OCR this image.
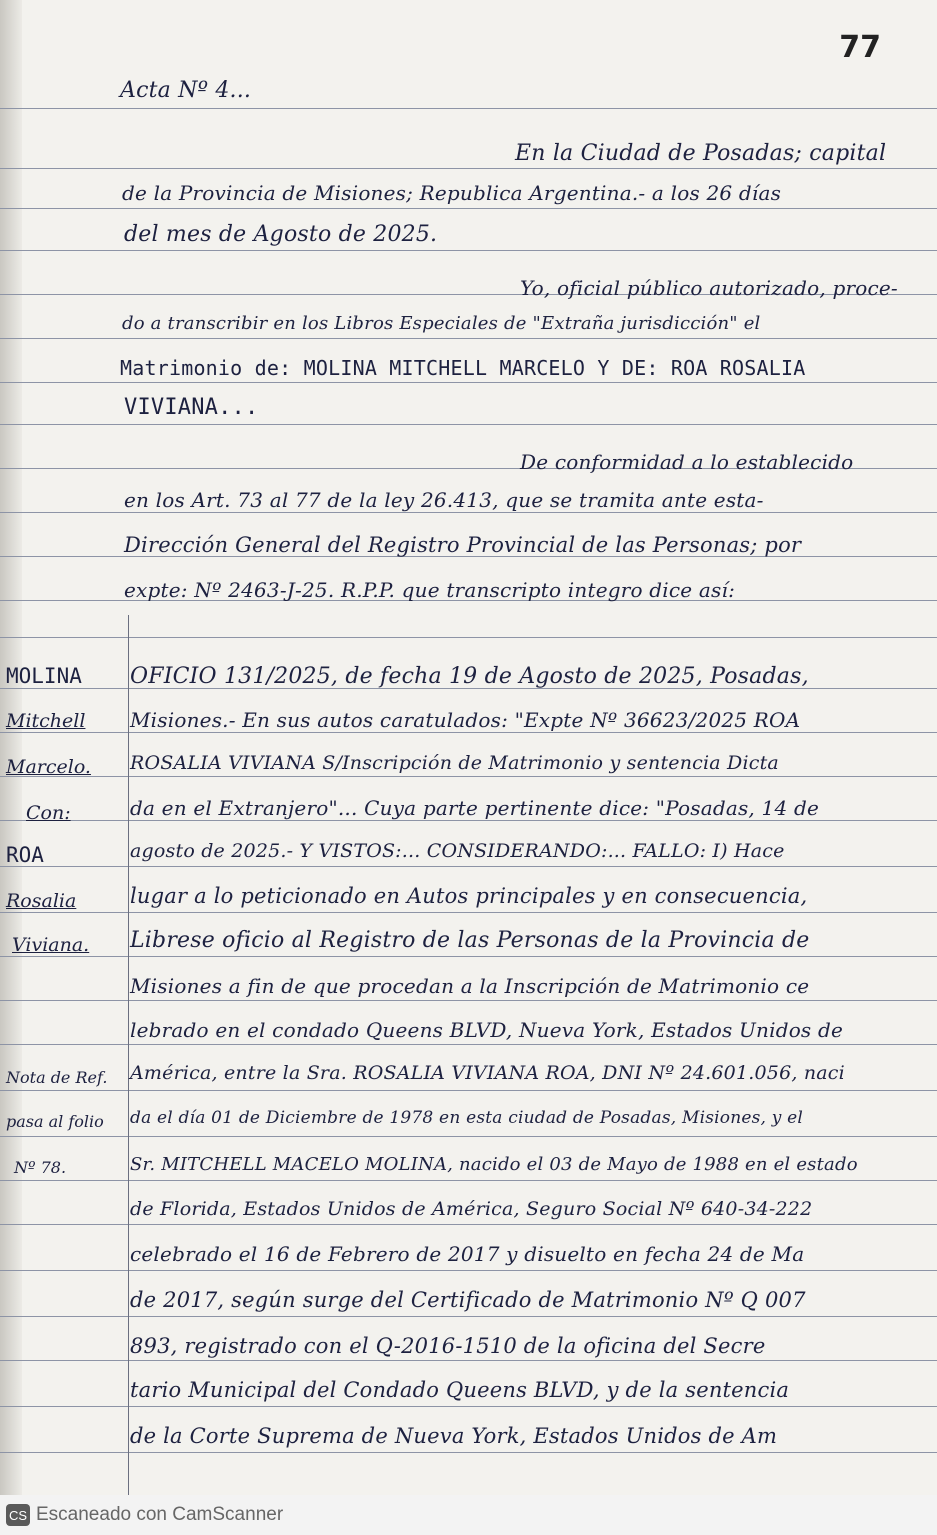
77
Acta Nº 4...
En la Ciudad de Posadas; capital
de la Provincia de Misiones; Republica Argentina.- a los 26 días
del mes de Agosto de 2025.
Yo, oficial público autorizado, proce-
do a transcribir en los Libros Especiales de "Extraña jurisdicción" el
Matrimonio de: MOLINA MITCHELL MARCELO Y DE: ROA ROSALIA
VIVIANA...
De conformidad a lo establecido
en los Art. 73 al 77 de la ley 26.413, que se tramita ante esta-
Dirección General del Registro Provincial de las Personas; por
expte: Nº 2463-J-25. R.P.P. que transcripto integro dice así:
OFICIO 131/2025, de fecha 19 de Agosto de 2025, Posadas,
Misiones.- En sus autos caratulados: "Expte Nº 36623/2025 ROA
ROSALIA VIVIANA S/Inscripción de Matrimonio y sentencia Dicta
da en el Extranjero"... Cuya parte pertinente dice: "Posadas, 14 de
agosto de 2025.- Y VISTOS:... CONSIDERANDO:... FALLO: I) Hace
lugar a lo peticionado en Autos principales y en consecuencia,
Librese oficio al Registro de las Personas de la Provincia de
Misiones a fin de que procedan a la Inscripción de Matrimonio ce
lebrado en el condado Queens BLVD, Nueva York, Estados Unidos de
América, entre la Sra. ROSALIA VIVIANA ROA, DNI Nº 24.601.056, naci
da el día 01 de Diciembre de 1978 en esta ciudad de Posadas, Misiones, y el
Sr. MITCHELL MACELO MOLINA, nacido el 03 de Mayo de 1988 en el estado
de Florida, Estados Unidos de América, Seguro Social Nº 640-34-222
celebrado el 16 de Febrero de 2017 y disuelto en fecha 24 de Ma
de 2017, según surge del Certificado de Matrimonio Nº Q 007
893, registrado con el Q-2016-1510 de la oficina del Secre
tario Municipal del Condado Queens BLVD, y de la sentencia
de la Corte Suprema de Nueva York, Estados Unidos de Am
MOLINA
Mitchell
Marcelo.
Con:
ROA
Rosalia
Viviana.
Nota de Ref.
pasa al folio
Nº 78.
CS Escaneado con CamScanner
